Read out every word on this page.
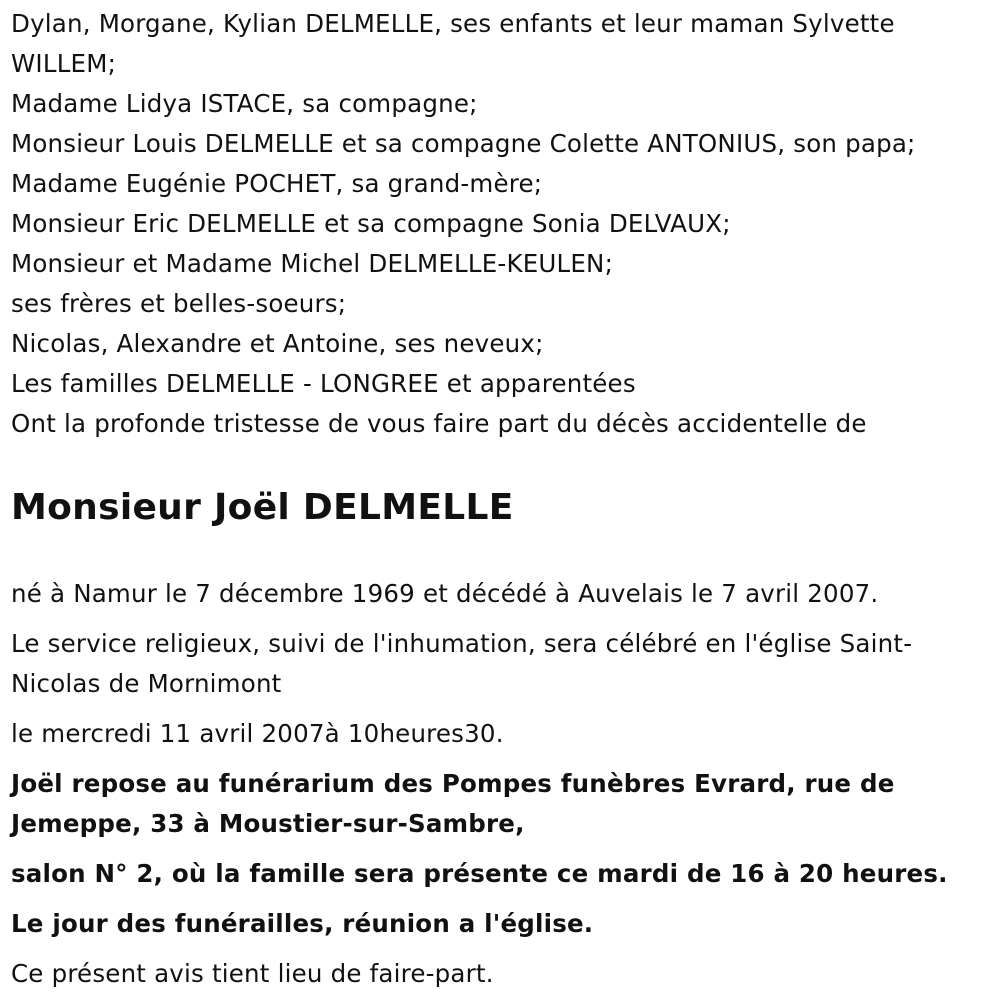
Dylan, Morgane, Kylian DELMELLE, ses enfants et leur maman Sylvette
WILLEM;
Madame Lidya ISTACE, sa compagne;
Monsieur Louis DELMELLE et sa compagne Colette ANTONIUS, son papa;
Madame Eugénie POCHET, sa grand-mère;
Monsieur Eric DELMELLE et sa compagne Sonia DELVAUX;
Monsieur et Madame Michel DELMELLE-KEULEN;
ses frères et belles-soeurs;
Nicolas, Alexandre et Antoine, ses neveux;
Les familles DELMELLE - LONGREE et apparentées
Ont la profonde tristesse de vous faire part du décès accidentelle de
Monsieur Joël DELMELLE
né à Namur le 7 décembre 1969 et décédé à Auvelais le 7 avril 2007.
Le service religieux, suivi de l'inhumation, sera célébré en l'église Saint-
Nicolas de Mornimont
le mercredi 11 avril 2007à 10heures30.
Joël repose au funérarium des Pompes funèbres Evrard, rue de
Jemeppe, 33 à Moustier-sur-Sambre,
salon N° 2, où la famille sera présente ce mardi de 16 à 20 heures.
Le jour des funérailles, réunion a l'église.
Ce présent avis tient lieu de faire-part.
